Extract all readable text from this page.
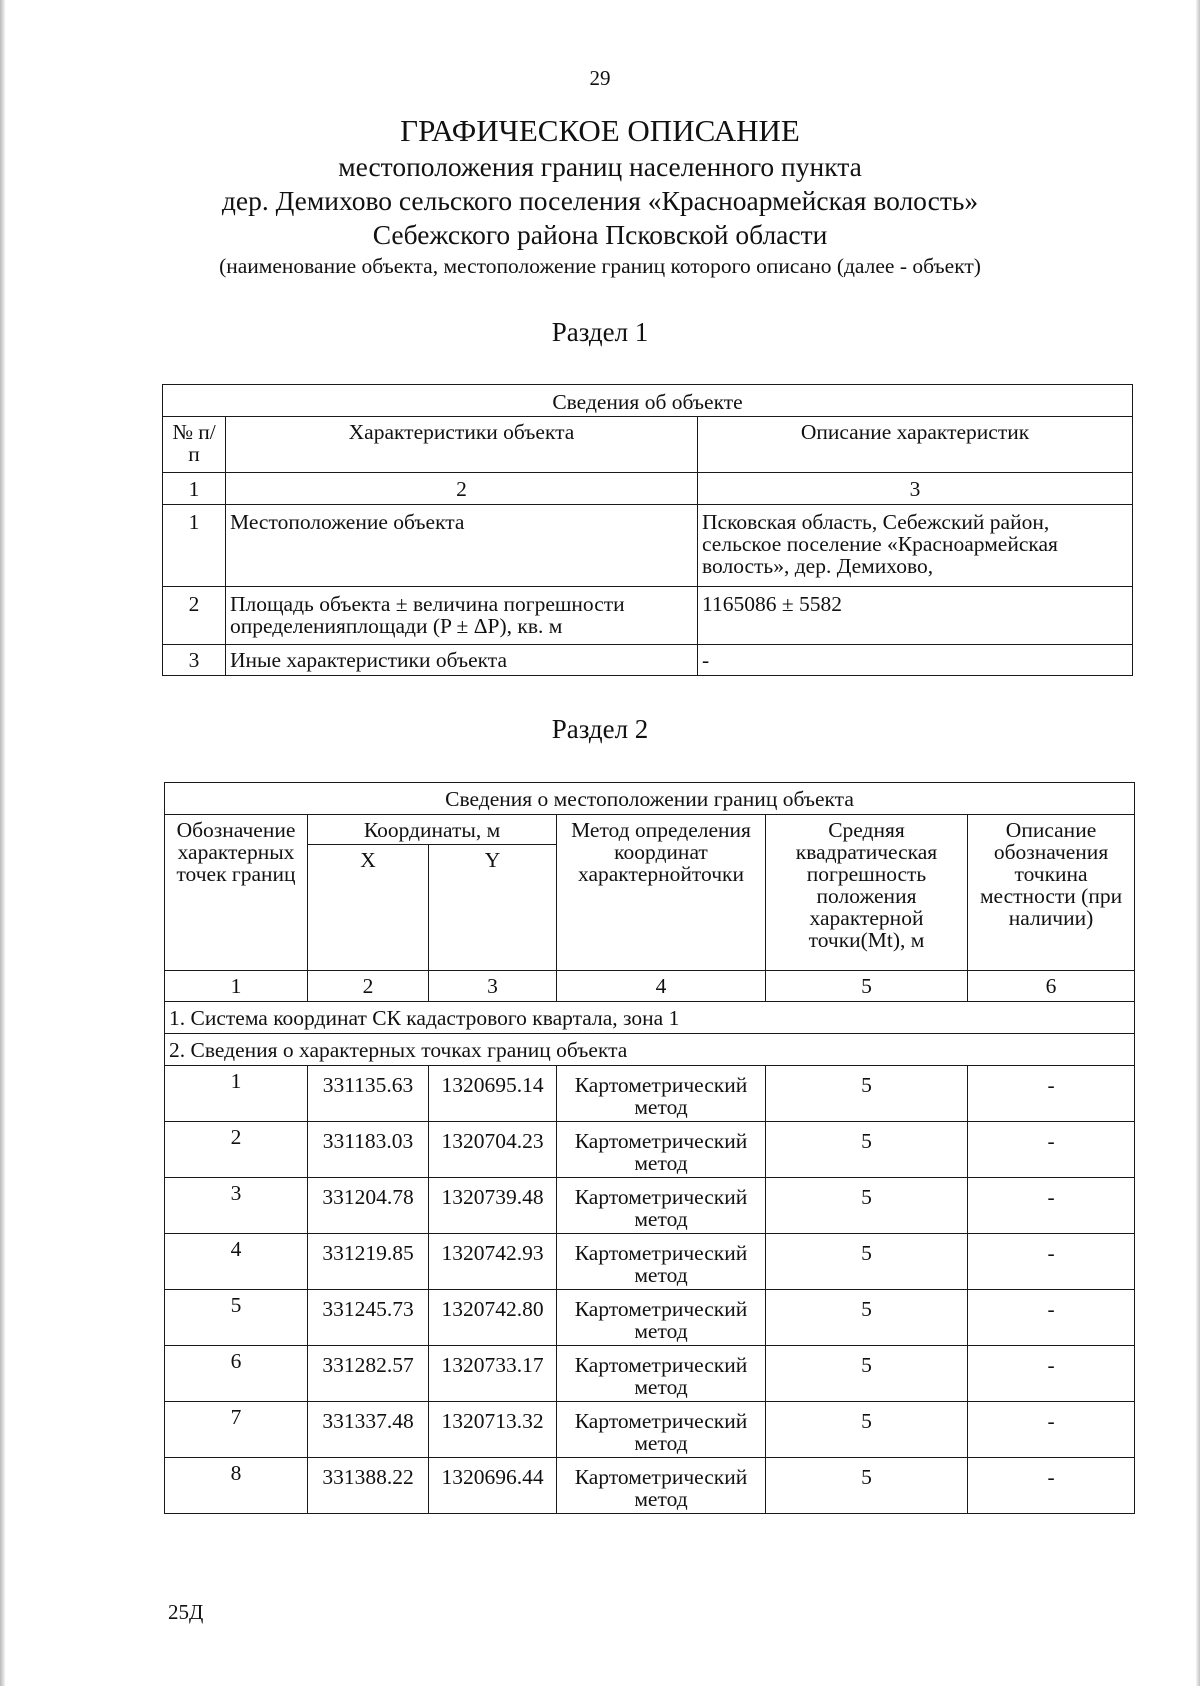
29
ГРАФИЧЕСКОЕ ОПИСАНИЕ
местоположения границ населенного пункта
дер. Демихово сельского поселения «Красноармейская волость»
Себежского района Псковской области
(наименование объекта, местоположение границ которого описано (далее - объект)
Раздел 1
Сведения об объекте		
№ п/п	Характеристики объекта	Описание характеристик
1	2	3
1	Местоположение объекта	Псковская область, Себежский район, сельское поселение «Красноармейская волость», дер. Демихово,
2	Площадь объекта ± величина погрешности определенияплощади (P ± ΔP), кв. м	1165086 ± 5582
3	Иные характеристики объекта	-
Раздел 2
Сведения о местоположении границ объекта					
Обозначение характерных точек границ	Координаты, м		Метод определения координат характернойточки	Средняя квадратическая погрешность положения характерной точки(Mt), м	Описание обозначения точкина местности (при наличии)
	X	Y			
1	2	3	4	5	6
1. Система координат СК кадастрового квартала, зона 1					
2. Сведения о характерных точках границ объекта					
1	331135.63	1320695.14	Картометрический метод	5	-
2	331183.03	1320704.23	Картометрический метод	5	-
3	331204.78	1320739.48	Картометрический метод	5	-
4	331219.85	1320742.93	Картометрический метод	5	-
5	331245.73	1320742.80	Картометрический метод	5	-
6	331282.57	1320733.17	Картометрический метод	5	-
7	331337.48	1320713.32	Картометрический метод	5	-
8	331388.22	1320696.44	Картометрический метод	5	-
25Д
